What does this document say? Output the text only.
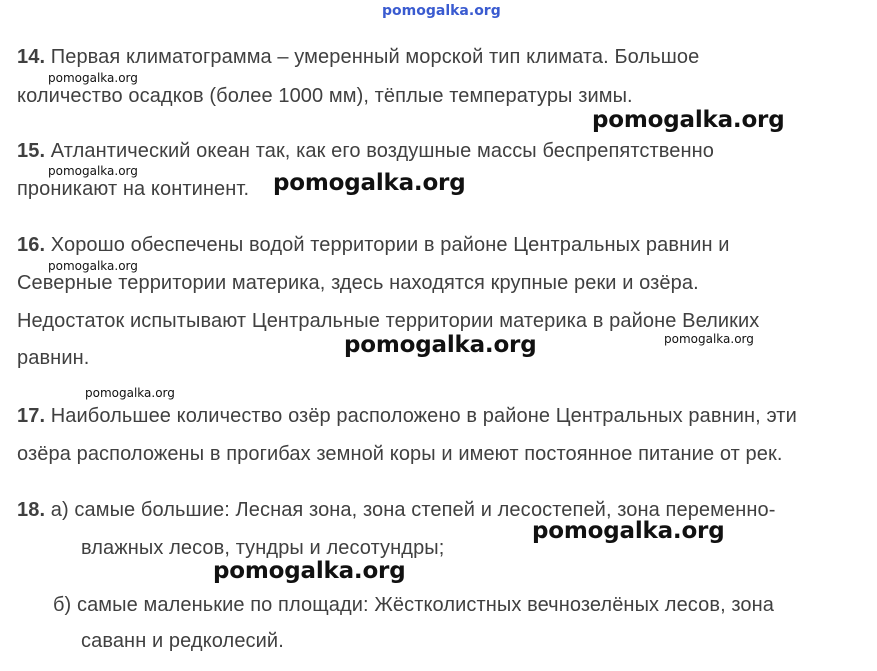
pomogalka.org
14. Первая климатограмма – умеренный морской тип климата. Большое
количество осадков (более 1000 мм), тёплые температуры зимы.
15. Атлантический океан так, как его воздушные массы беспрепятственно
проникают на континент.
16. Хорошо обеспечены водой территории в районе Центральных равнин и
Северные территории материка, здесь находятся крупные реки и озёра.
Недостаток испытывают Центральные территории материка в районе Великих
равнин.
17. Наибольшее количество озёр расположено в районе Центральных равнин, эти
озёра расположены в прогибах земной коры и имеют постоянное питание от рек.
18. а) самые большие: Лесная зона, зона степей и лесостепей, зона переменно-
влажных лесов, тундры и лесотундры;
б) самые маленькие по площади: Жёстколистных вечнозелёных лесов, зона
саванн и редколесий.
pomogalka.org
pomogalka.org
pomogalka.org
pomogalka.org
pomogalka.org
pomogalka.org
pomogalka.org
pomogalka.org
pomogalka.org
pomogalka.org
